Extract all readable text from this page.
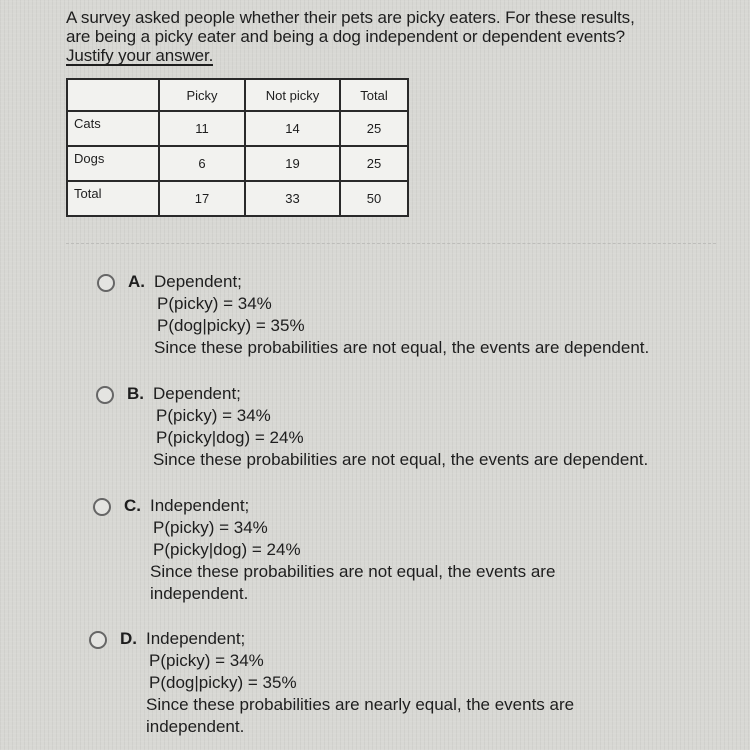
A survey asked people whether their pets are picky eaters. For these results,
are being a picky eater and being a dog independent or dependent events?
Justify your answer.
	Picky	Not picky	Total
Cats	11	14	25
Dogs	6	19	25
Total	17	33	50
A. Dependent;
P(picky) = 34%
P(dog|picky) = 35%
Since these probabilities are not equal, the events are dependent.
B. Dependent;
P(picky) = 34%
P(picky|dog) = 24%
Since these probabilities are not equal, the events are dependent.
C. Independent;
P(picky) = 34%
P(picky|dog) = 24%
Since these probabilities are not equal, the events are
independent.
D. Independent;
P(picky) = 34%
P(dog|picky) = 35%
Since these probabilities are nearly equal, the events are
independent.
